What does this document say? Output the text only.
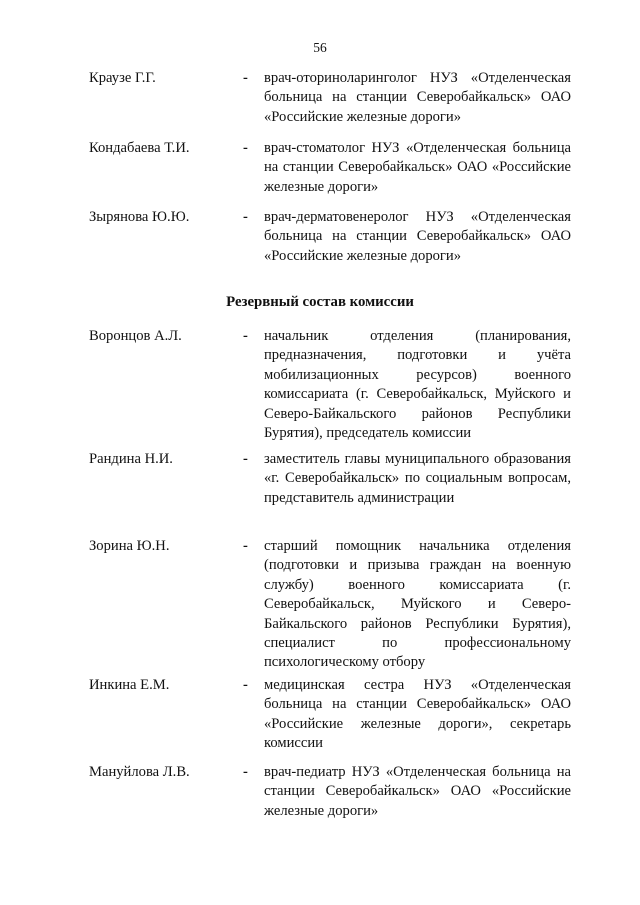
56
Краузе Г.Г.	- врач-оториноларинголог НУЗ «Отделенческая больница на станции Северобайкальск» ОАО «Российские железные дороги»
Кондабаева Т.И.	- врач-стоматолог НУЗ «Отделенческая больница на станции Северобайкальск» ОАО «Российские железные дороги»
Зырянова Ю.Ю.	- врач-дерматовенеролог НУЗ «Отделенческая больница на станции Северобайкальск» ОАО «Российские железные дороги»
Резервный состав комиссии
Воронцов А.Л.	- начальник отделения (планирования, предназначения, подготовки и учёта мобилизационных ресурсов) военного комиссариата (г. Северобайкальск, Муйского и Северо-Байкальского районов Республики Бурятия), председатель комиссии
Рандина Н.И.	- заместитель главы муниципального образования «г. Северобайкальск» по социальным вопросам, представитель администрации
Зорина Ю.Н.	- старший помощник начальника отделения (подготовки и призыва граждан на военную службу) военного комиссариата (г. Северобайкальск, Муйского и Северо-Байкальского районов Республики Бурятия), специалист по профессиональному психологическому отбору
Инкина Е.М.	- медицинская сестра НУЗ «Отделенческая больница на станции Северобайкальск» ОАО «Российские железные дороги», секретарь комиссии
Мануйлова Л.В.	- врач-педиатр НУЗ «Отделенческая больница на станции Северобайкальск» ОАО «Российские железные дороги»
